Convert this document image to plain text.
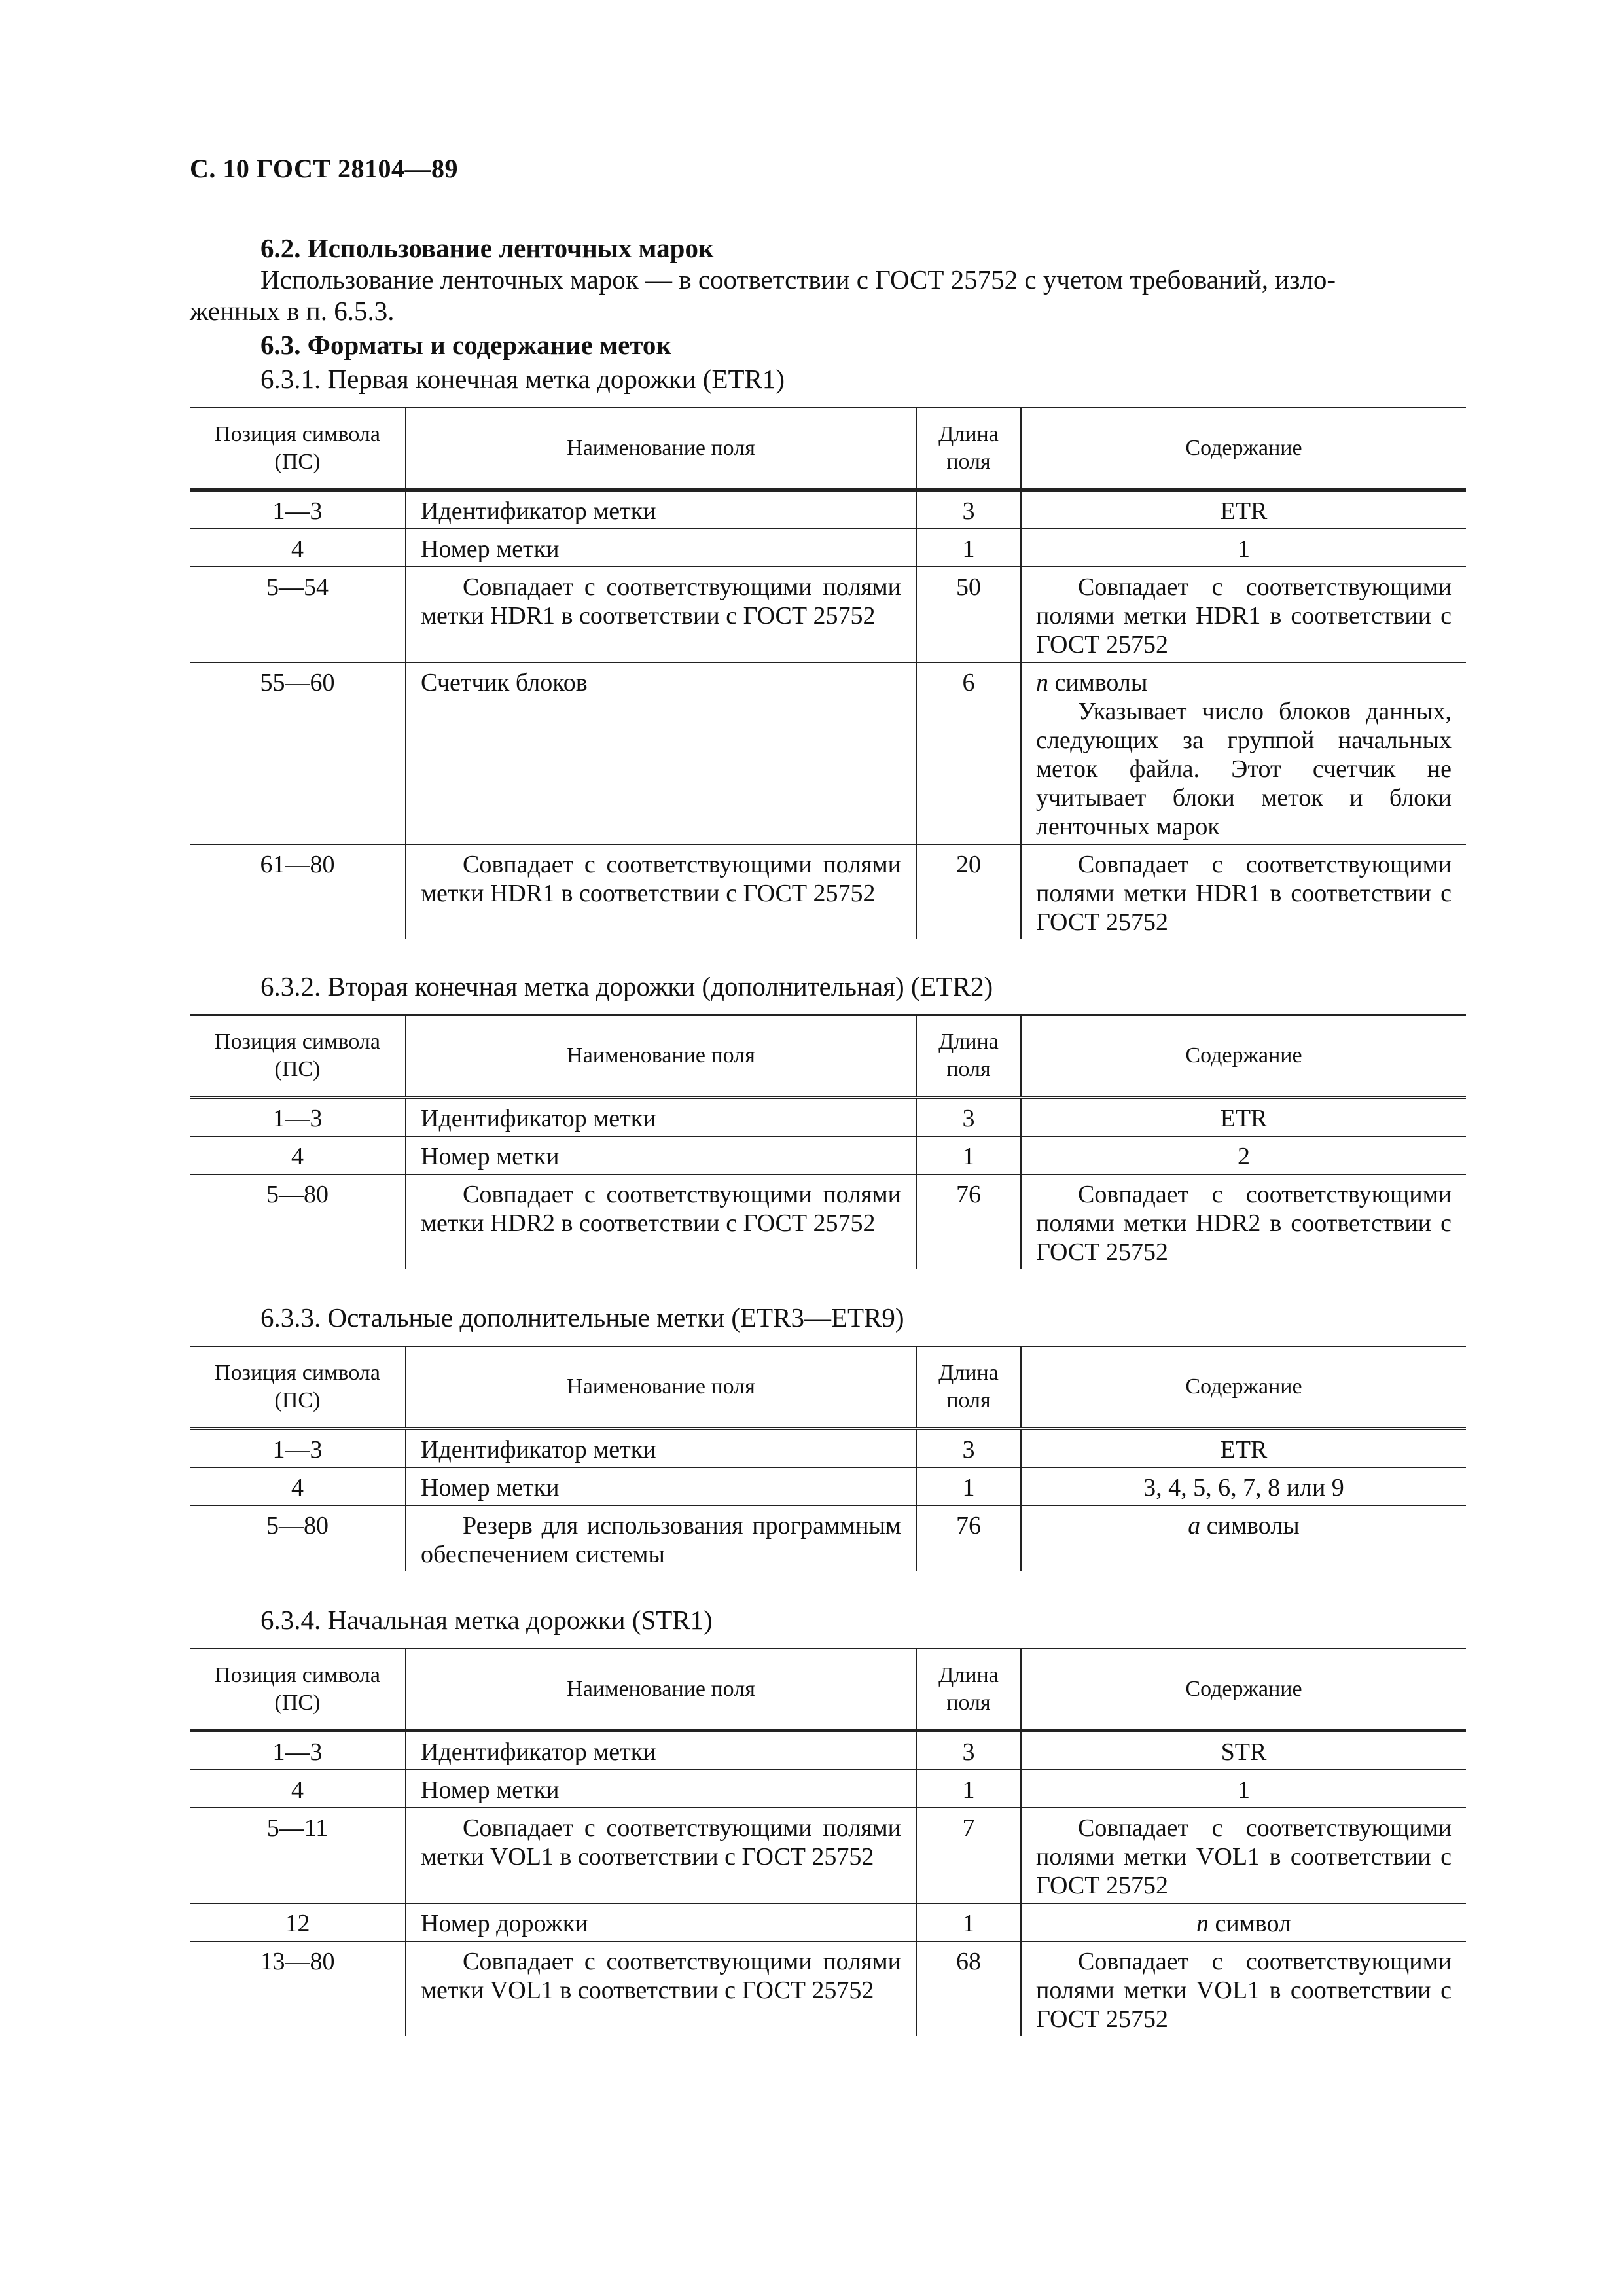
С. 10 ГОСТ 28104—89
6.2. Использование ленточных марок
Использование ленточных марок — в соответствии с ГОСТ 25752 с учетом требований, изло-
женных в п. 6.5.3.
6.3. Форматы и содержание меток
6.3.1. Первая конечная метка дорожки (ETR1)
Позиция символа (ПС)	Наименование поля	Длина поля	Содержание
1—3	Идентификатор метки	3	ETR
4	Номер метки	1	1
5—54	Совпадает с соответствующими полями метки HDR1 в соответствии с ГОСТ 25752	50	Совпадает с соответствующими полями метки HDR1 в соответствии с ГОСТ 25752
55—60	Счетчик блоков	6	n символы
Указывает число блоков данных, следующих за группой начальных меток файла. Этот счетчик не учитывает блоки меток и блоки ленточных марок

61—80	Совпадает с соответствующими полями метки HDR1 в соответствии с ГОСТ 25752	20	Совпадает с соответствующими полями метки HDR1 в соответствии с ГОСТ 25752
6.3.2. Вторая конечная метка дорожки (дополнительная) (ETR2)
Позиция символа (ПС)	Наименование поля	Длина поля	Содержание
1—3	Идентификатор метки	3	ETR
4	Номер метки	1	2
5—80	Совпадает с соответствующими полями метки HDR2 в соответствии с ГОСТ 25752	76	Совпадает с соответствующими полями метки HDR2 в соответствии с ГОСТ 25752
6.3.3. Остальные дополнительные метки (ETR3—ETR9)
Позиция символа (ПС)	Наименование поля	Длина поля	Содержание
1—3	Идентификатор метки	3	ETR
4	Номер метки	1	3, 4, 5, 6, 7, 8 или 9
5—80	Резерв для использования программным обеспечением системы	76	a символы
6.3.4. Начальная метка дорожки (STR1)
Позиция символа (ПС)	Наименование поля	Длина поля	Содержание
1—3	Идентификатор метки	3	STR
4	Номер метки	1	1
5—11	Совпадает с соответствующими полями метки VOL1 в соответствии с ГОСТ 25752	7	Совпадает с соответствующими полями метки VOL1 в соответствии с ГОСТ 25752
12	Номер дорожки	1	n символ
13—80	Совпадает с соответствующими полями метки VOL1 в соответствии с ГОСТ 25752	68	Совпадает с соответствующими полями метки VOL1 в соответствии с ГОСТ 25752
